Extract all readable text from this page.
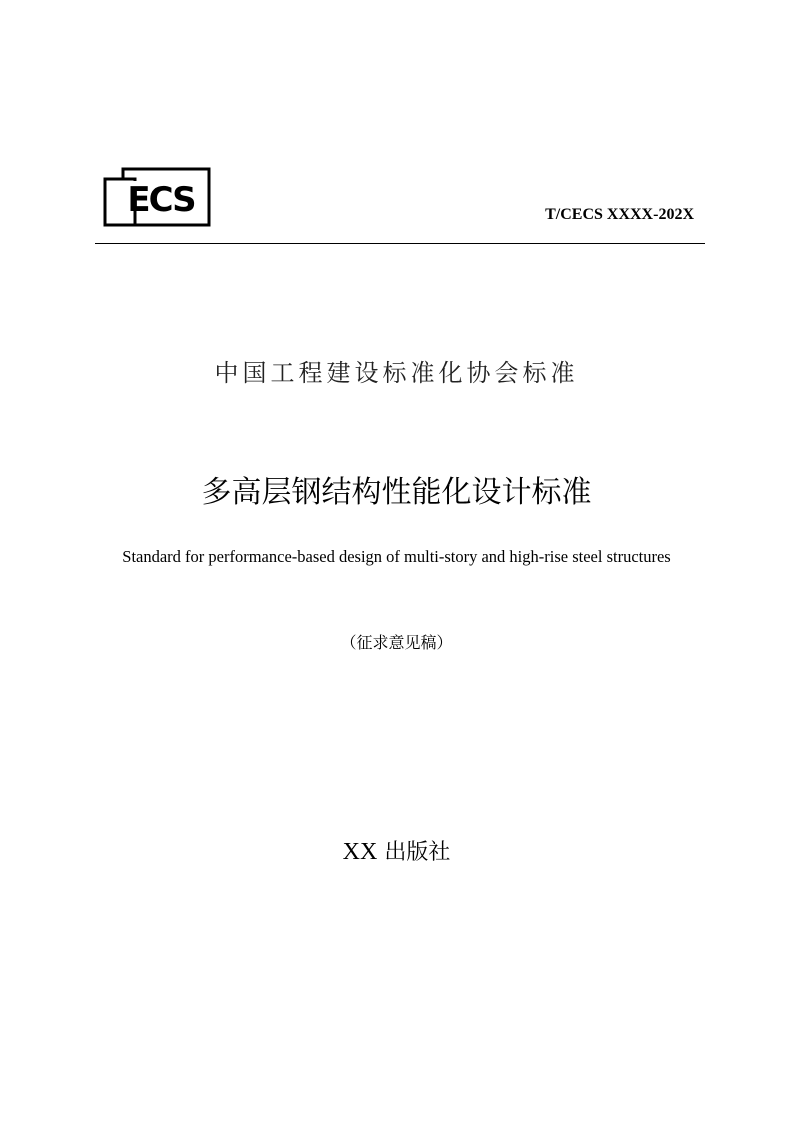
ECS	T/CECS XXXX-202X
中国工程建设标准化协会标准
多高层钢结构性能化设计标准
Standard for performance-based design of multi-story and high-rise steel structures
（征求意见稿）
XX 出版社
